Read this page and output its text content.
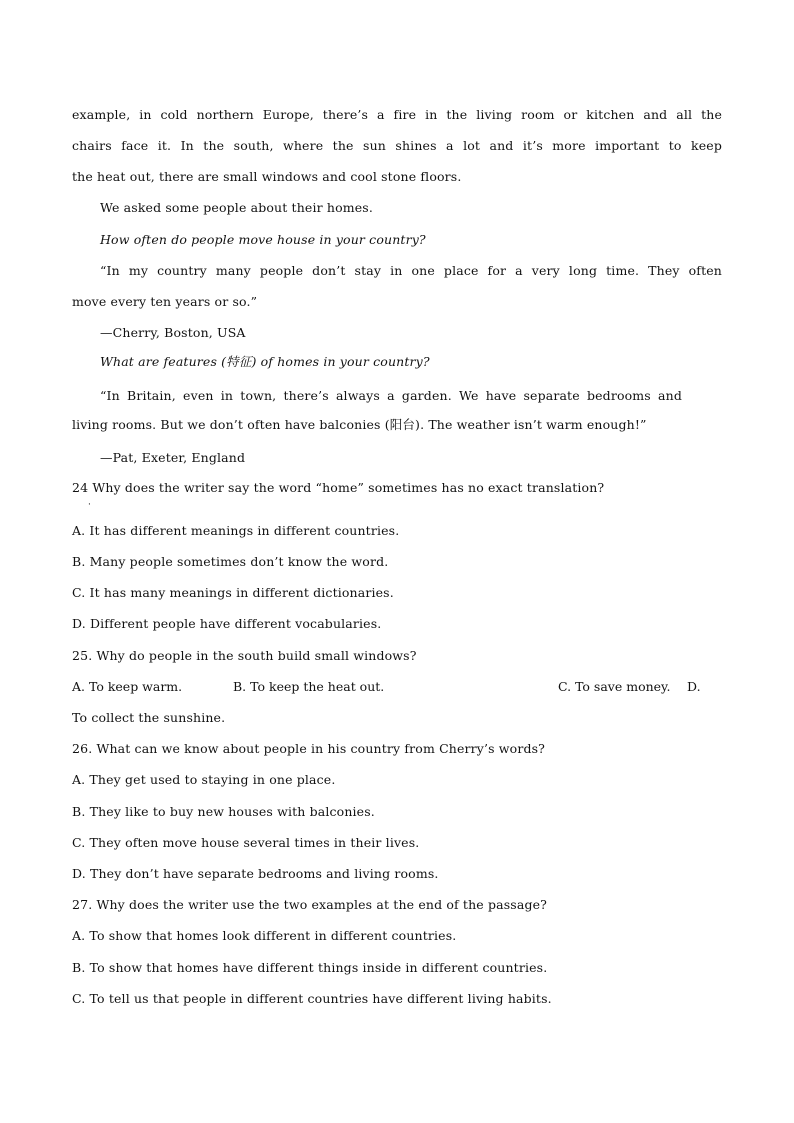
example, in cold northern Europe, there’s a fire in the living room or kitchen and all the
chairs face it. In the south, where the sun shines a lot and it’s more important to keep
the heat out, there are small windows and cool stone floors.
We asked some people about their homes.
How often do people move house in your country?
“In my country many people don’t stay in one place for a very long time. They often
move every ten years or so.”
—Cherry, Boston, USA
What are features (特征) of homes in your country?
“In Britain, even in town, there’s always a garden. We have separate bedrooms and
living rooms. But we don’t often have balconies (阳台). The weather isn’t warm enough!”
—Pat, Exeter, England
24 Why does the writer say the word “home” sometimes has no exact translation?
·
A. It has different meanings in different countries.
B. Many people sometimes don’t know the word.
C. It has many meanings in different dictionaries.
D. Different people have different vocabularies.
25. Why do people in the south build small windows?
A. To keep warm.	B. To keep the heat out.	C. To save money. D.
To collect the sunshine.
26. What can we know about people in his country from Cherry’s words?
A. They get used to staying in one place.
B. They like to buy new houses with balconies.
C. They often move house several times in their lives.
D. They don’t have separate bedrooms and living rooms.
27. Why does the writer use the two examples at the end of the passage?
A. To show that homes look different in different countries.
B. To show that homes have different things inside in different countries.
C. To tell us that people in different countries have different living habits.
